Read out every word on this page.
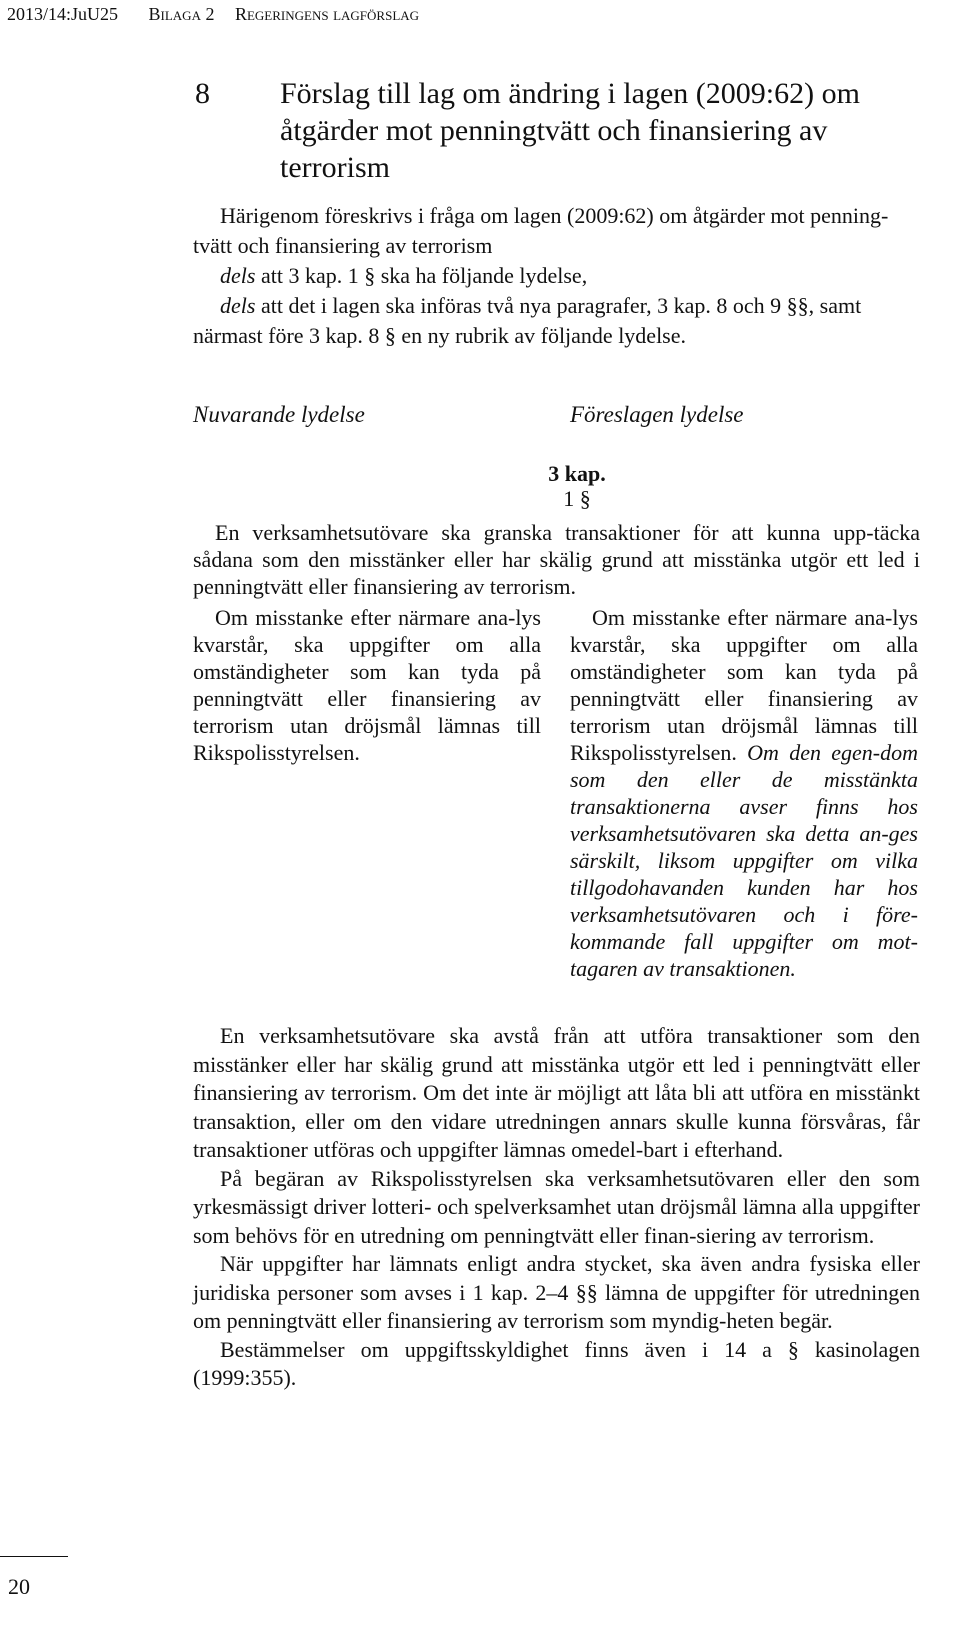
2013/14:JuU25 Bilaga 2 Regeringens lagförslag
8 Förslag till lag om ändring i lagen (2009:62) om åtgärder mot penningtvätt och finansiering av terrorism

Härigenom föreskrivs i fråga om lagen (2009:62) om åtgärder mot penning-tvätt och finansiering av terrorism

dels att 3 kap. 1 § ska ha följande lydelse,

dels att det i lagen ska införas två nya paragrafer, 3 kap. 8 och 9 §§, samt närmast före 3 kap. 8 § en ny rubrik av följande lydelse.

Nuvarande lydelse	Föreslagen lydelse
3 kap.
1 §

En verksamhetsutövare ska granska transaktioner för att kunna upp-täcka sådana som den misstänker eller har skälig grund att misstänka utgör ett led i penningtvätt eller finansiering av terrorism.

Om misstanke efter närmare ana-lys kvarstår, ska uppgifter om alla omständigheter som kan tyda på penningtvätt eller finansiering av terrorism utan dröjsmål lämnas till Rikspolisstyrelsen.

Om misstanke efter närmare ana-lys kvarstår, ska uppgifter om alla omständigheter som kan tyda på penningtvätt eller finansiering av terrorism utan dröjsmål lämnas till Rikspolisstyrelsen. Om den egen-dom som den eller de misstänkta transaktionerna avser finns hos verksamhetsutövaren ska detta an-ges särskilt, liksom uppgifter om vilka tillgodohavanden kunden har hos verksamhetsutövaren och i före-kommande fall uppgifter om mot-tagaren av transaktionen.

En verksamhetsutövare ska avstå från att utföra transaktioner som den misstänker eller har skälig grund att misstänka utgör ett led i penningtvätt eller finansiering av terrorism. Om det inte är möjligt att låta bli att utföra en misstänkt transaktion, eller om den vidare utredningen annars skulle kunna försvåras, får transaktioner utföras och uppgifter lämnas omedel-bart i efterhand.

På begäran av Rikspolisstyrelsen ska verksamhetsutövaren eller den som yrkesmässigt driver lotteri- och spelverksamhet utan dröjsmål lämna alla uppgifter som behövs för en utredning om penningtvätt eller finan-siering av terrorism.

När uppgifter har lämnats enligt andra stycket, ska även andra fysiska eller juridiska personer som avses i 1 kap. 2–4 §§ lämna de uppgifter för utredningen om penningtvätt eller finansiering av terrorism som myndig-heten begär.

Bestämmelser om uppgiftsskyldighet finns även i 14 a § kasinolagen (1999:355).

20
